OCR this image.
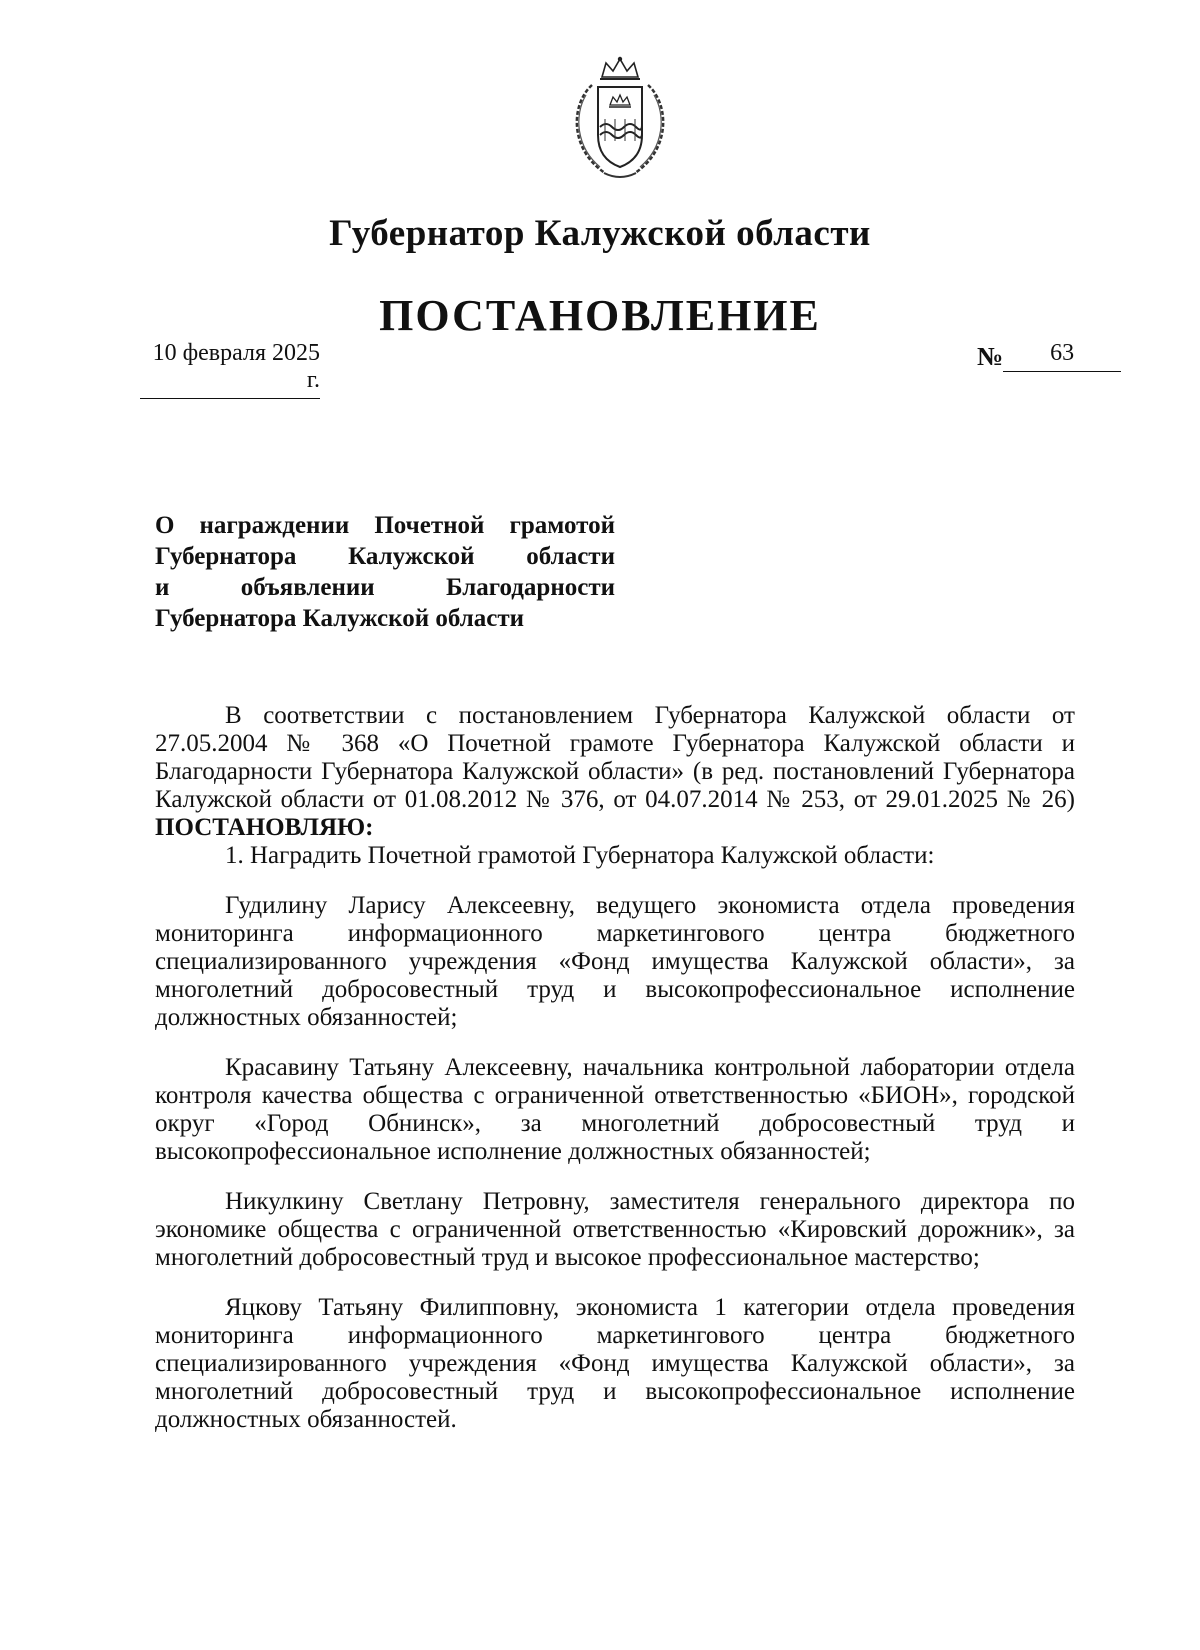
Губернатор Калужской области
ПОСТАНОВЛЕНИЕ
10 февраля 2025 г.
№ 63
О награждении Почетной грамотой
Губернатора Калужской области
и объявлении Благодарности
Губернатора Калужской области

В соответствии с постановлением Губернатора Калужской области от 27.05.2004 № 368 «О Почетной грамоте Губернатора Калужской области и Благодарности Губернатора Калужской области» (в ред. постановлений Губернатора Калужской области от 01.08.2012 № 376, от 04.07.2014 № 253, от 29.01.2025 № 26) ПОСТАНОВЛЯЮ:

1. Наградить Почетной грамотой Губернатора Калужской области:

Гудилину Ларису Алексеевну, ведущего экономиста отдела проведения мониторинга информационного маркетингового центра бюджетного специализированного учреждения «Фонд имущества Калужской области», за многолетний добросовестный труд и высокопрофессиональное исполнение должностных обязанностей;

Красавину Татьяну Алексеевну, начальника контрольной лаборатории отдела контроля качества общества с ограниченной ответственностью «БИОН», городской округ «Город Обнинск», за многолетний добросовестный труд и высокопрофессиональное исполнение должностных обязанностей;

Никулкину Светлану Петровну, заместителя генерального директора по экономике общества с ограниченной ответственностью «Кировский дорожник», за многолетний добросовестный труд и высокое профессиональное мастерство;

Яцкову Татьяну Филипповну, экономиста 1 категории отдела проведения мониторинга информационного маркетингового центра бюджетного специализированного учреждения «Фонд имущества Калужской области», за многолетний добросовестный труд и высокопрофессиональное исполнение должностных обязанностей.
